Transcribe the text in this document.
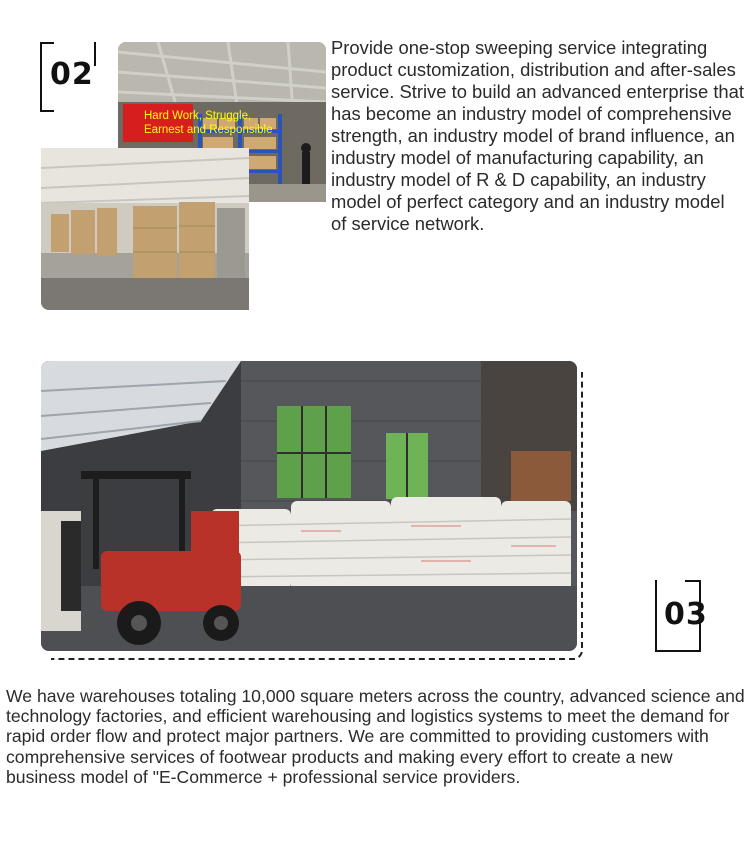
02
Hard Work, Struggle,
Earnest and Responsible

Provide one-stop sweeping service integrating product customization, distribution and after-sales service. Strive to build an advanced enterprise that has become an industry model of comprehensive strength, an industry model of brand influence, an industry model of manufacturing capability, an industry model of R & D capability, an industry model of perfect category and an industry model of service network.

03

We have warehouses totaling 10,000 square meters across the country, advanced science and technology factories, and efficient warehousing and logistics systems to meet the demand for rapid order flow and protect major partners. We are committed to providing customers with comprehensive services of footwear products and making every effort to create a new business model of "E-Commerce + professional service providers.
